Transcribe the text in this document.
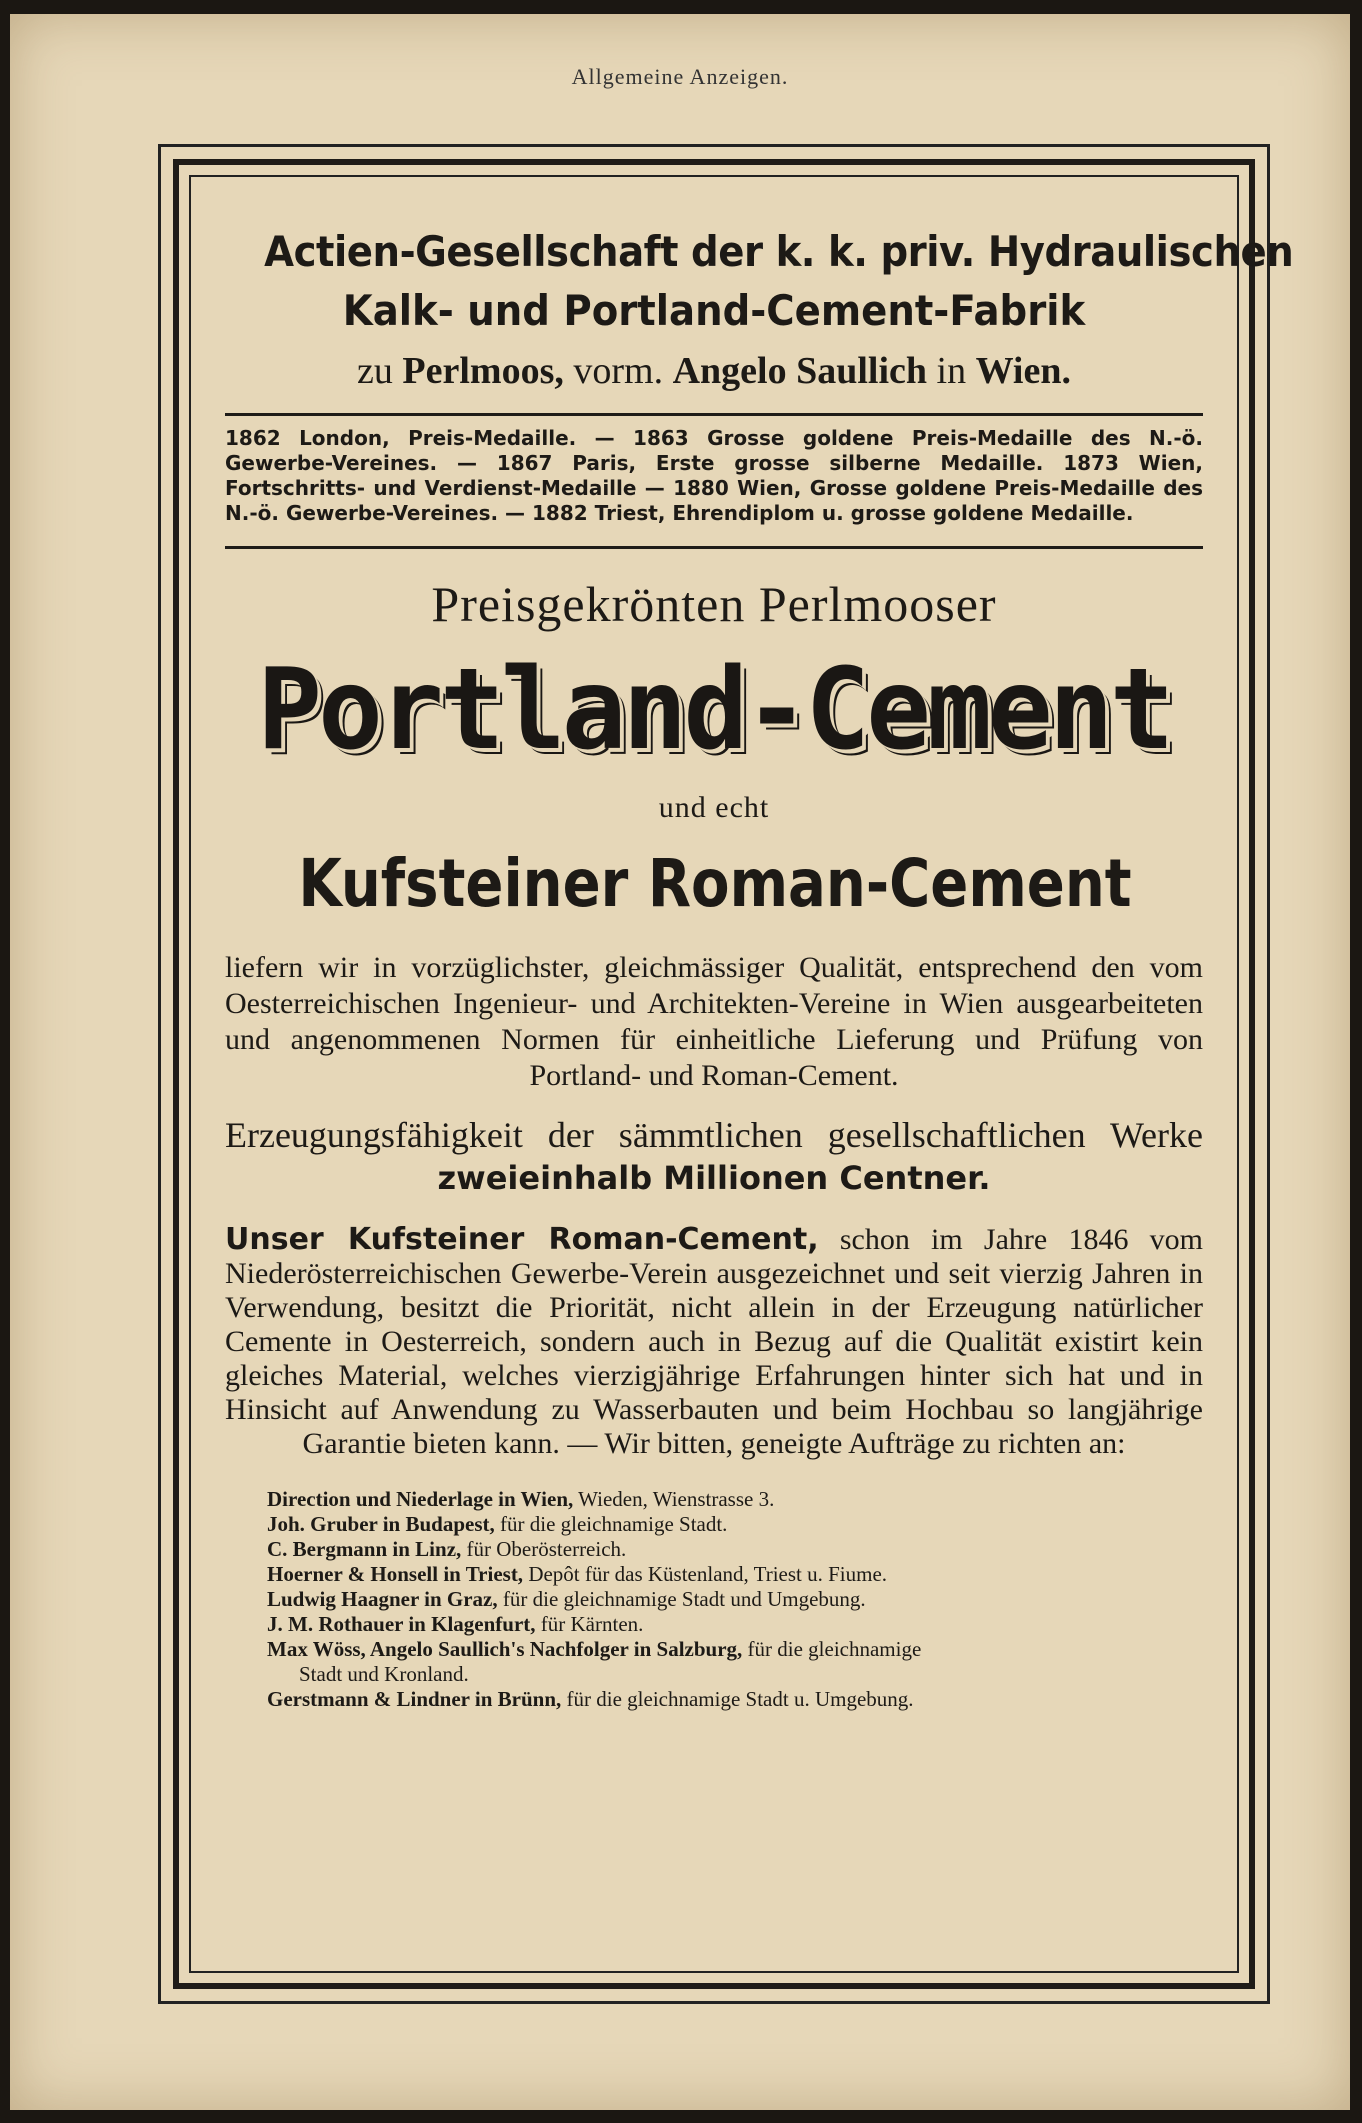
Allgemeine Anzeigen.
Actien-Gesellschaft der k. k. priv. Hydraulischen
Kalk- und Portland-Cement-Fabrik
zu Perlmoos, vorm. Angelo Saullich in Wien.
1862 London, Preis-Medaille. — 1863 Grosse goldene Preis-Medaille des N.-ö. Gewerbe-Vereines. — 1867 Paris, Erste grosse silberne Medaille. 1873 Wien, Fortschritts- und Verdienst-Medaille — 1880 Wien, Grosse goldene Preis-Medaille des N.-ö. Gewerbe-Vereines. — 1882 Triest, Ehrendiplom u. grosse goldene Medaille.
Preisgekrönten Perlmooser
Portland-Cement
und echt
Kufsteiner Roman-Cement
liefern wir in vorzüglichster, gleichmässiger Qualität, entsprechend den vom Oesterreichischen Ingenieur- und Architekten-Vereine in Wien ausgearbeiteten und angenommenen Normen für einheitliche Lieferung und Prüfung von Portland- und Roman-Cement.
Erzeugungsfähigkeit der sämmtlichen gesellschaftlichen Werke zweieinhalb Millionen Centner.
Unser Kufsteiner Roman-Cement, schon im Jahre 1846 vom Niederösterreichischen Gewerbe-Verein ausgezeichnet und seit vierzig Jahren in Verwendung, besitzt die Priorität, nicht allein in der Erzeugung natürlicher Cemente in Oesterreich, sondern auch in Bezug auf die Qualität existirt kein gleiches Material, welches vierzigjährige Erfahrungen hinter sich hat und in Hinsicht auf Anwendung zu Wasserbauten und beim Hochbau so langjährige Garantie bieten kann. — Wir bitten, geneigte Aufträge zu richten an:
Direction und Niederlage in Wien, Wieden, Wienstrasse 3.
Joh. Gruber in Budapest, für die gleichnamige Stadt.
C. Bergmann in Linz, für Oberösterreich.
Hoerner & Honsell in Triest, Depôt für das Küstenland, Triest u. Fiume.
Ludwig Haagner in Graz, für die gleichnamige Stadt und Umgebung.
J. M. Rothauer in Klagenfurt, für Kärnten.
Max Wöss, Angelo Saullich's Nachfolger in Salzburg, für die gleichnamige
Stadt und Kronland.
Gerstmann & Lindner in Brünn, für die gleichnamige Stadt u. Umgebung.
